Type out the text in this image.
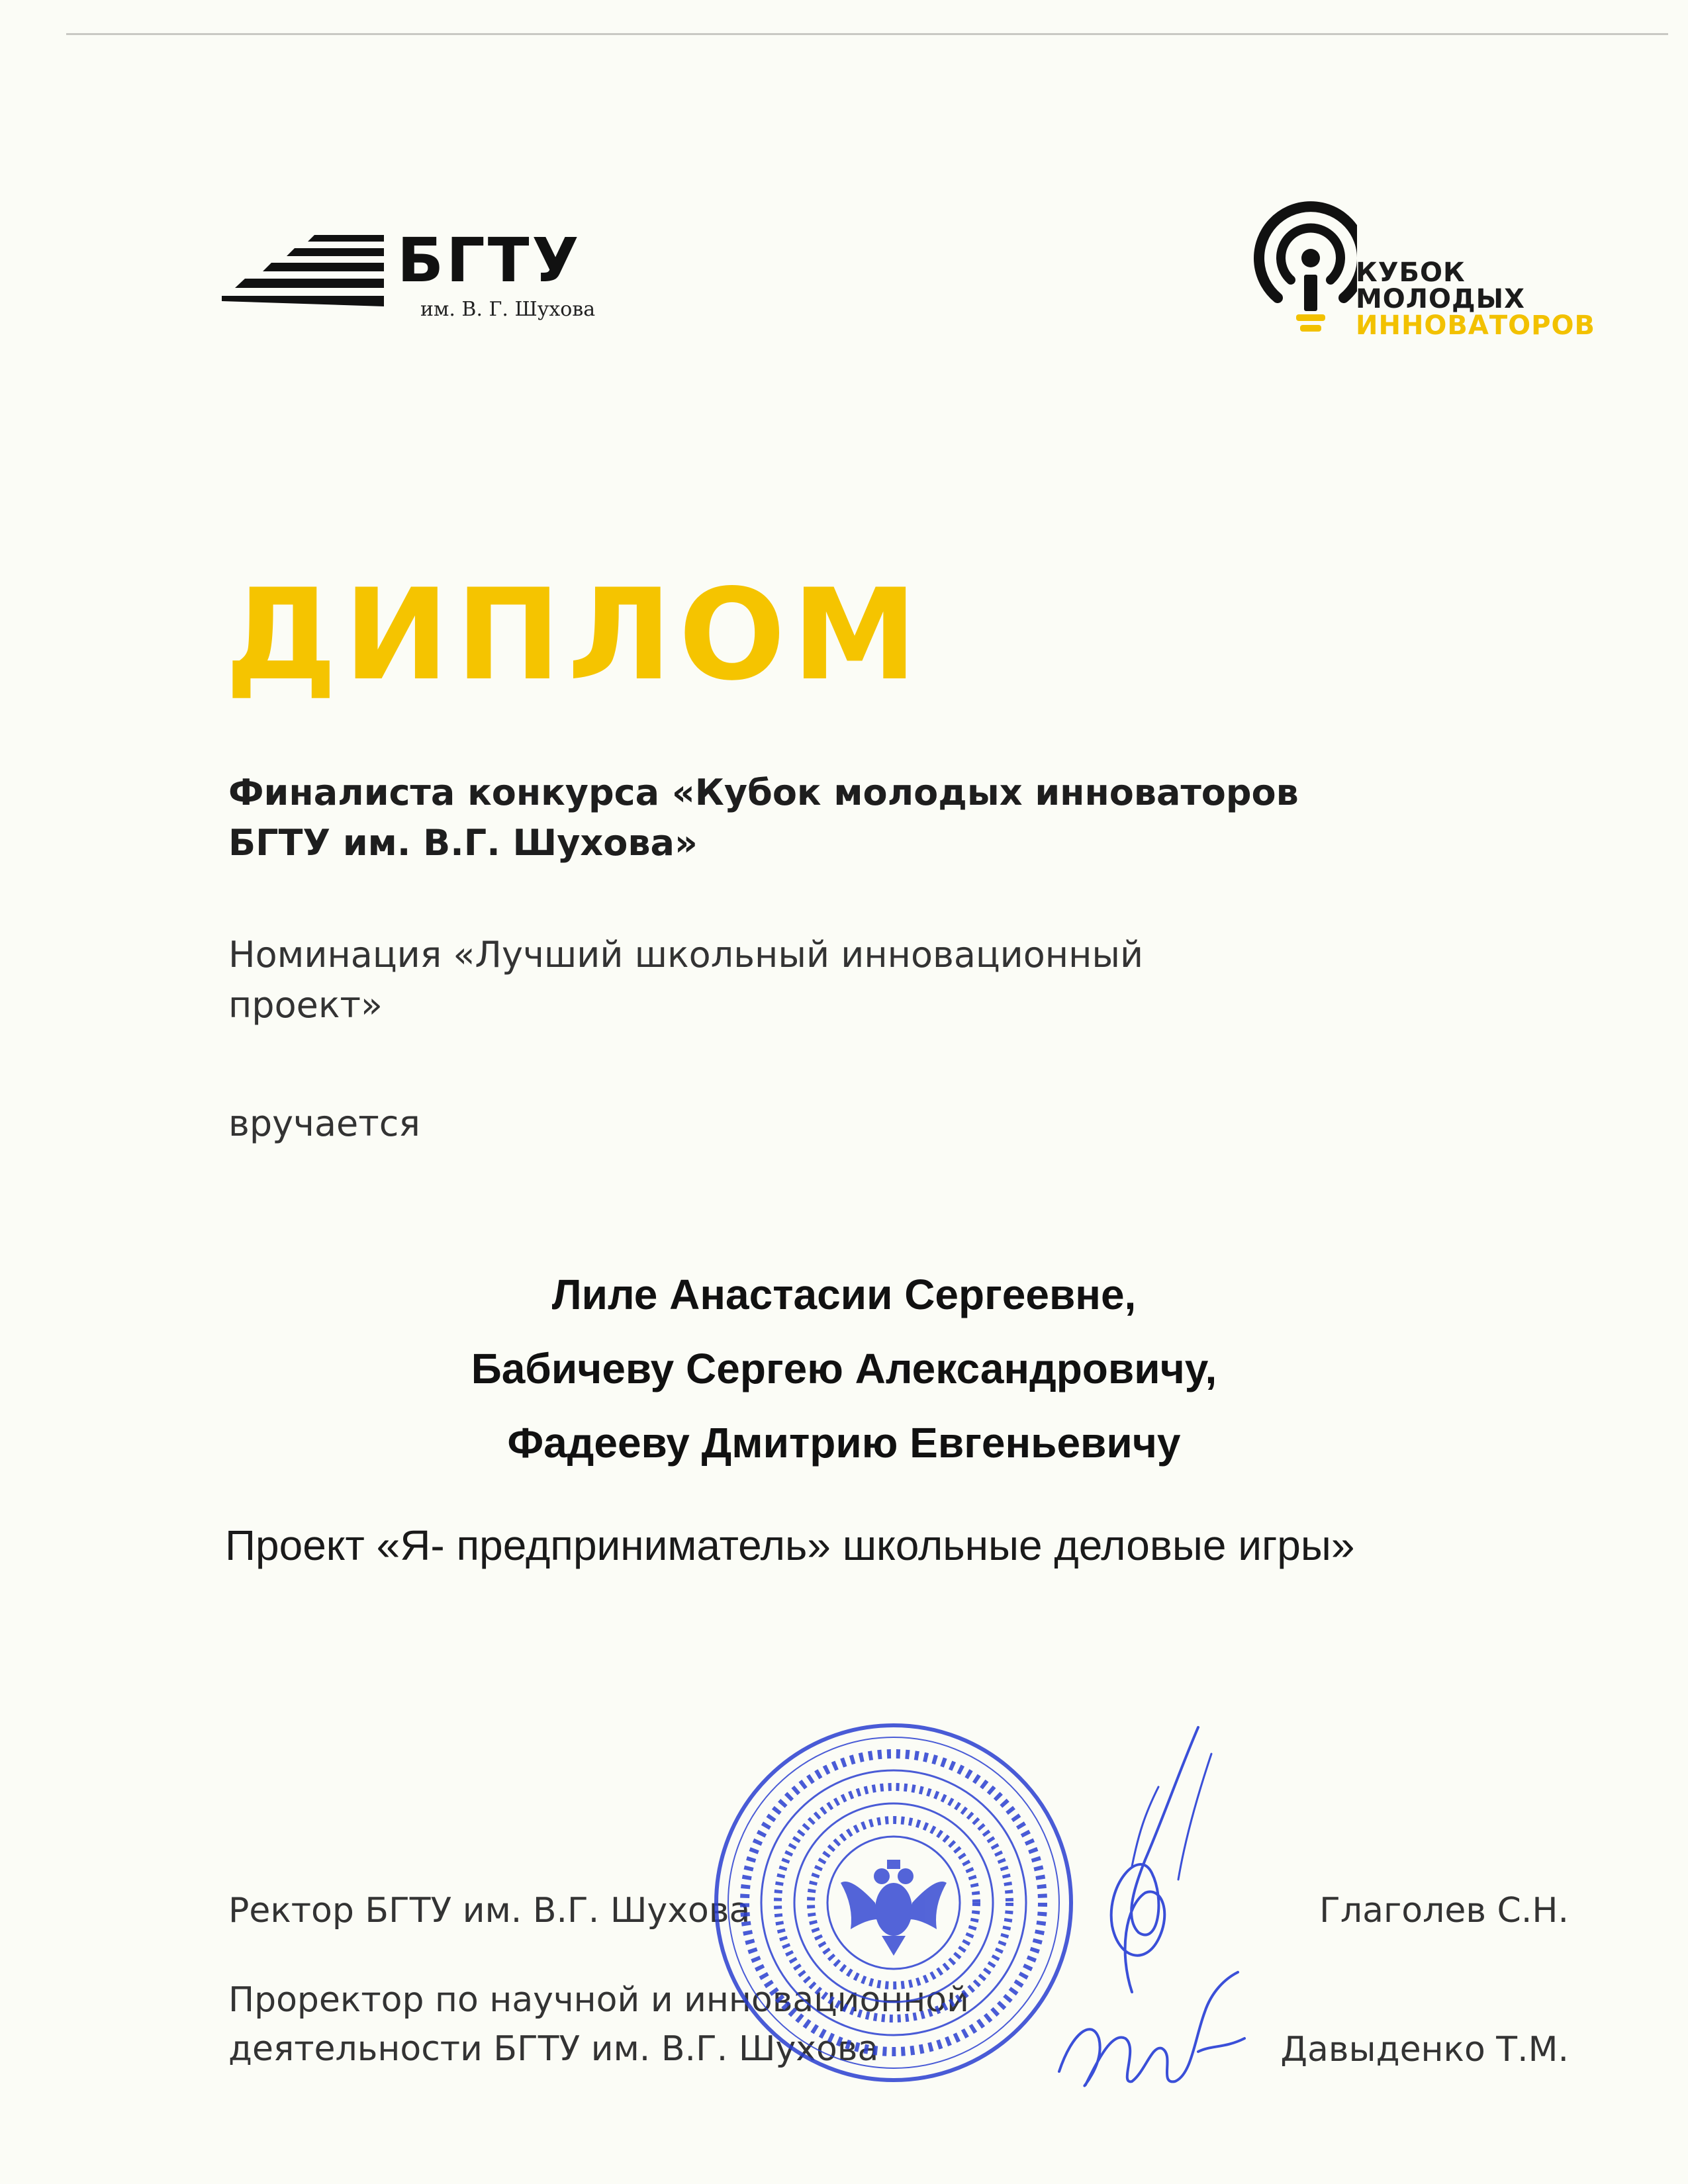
БГТУ
им. В. Г. Шухова
КУБОК
МОЛОДЫХ
ИННОВАТОРОВ
ДИПЛОМ
Финалиста конкурса «Кубок молодых инноваторов
БГТУ им. В.Г. Шухова»
Номинация «Лучший школьный инновационный
проект»
вручается
Лиле Анастасии Сергеевне,
Бабичеву Сергею Александровичу,
Фадееву Дмитрию Евгеньевичу
Проект «Я- предприниматель» школьные деловые игры»
Ректор БГТУ им. В.Г. Шухова	Глаголев С.Н.
Проректор по научной и инновационной
деятельности БГТУ им. В.Г. Шухова	Давыденко Т.М.
